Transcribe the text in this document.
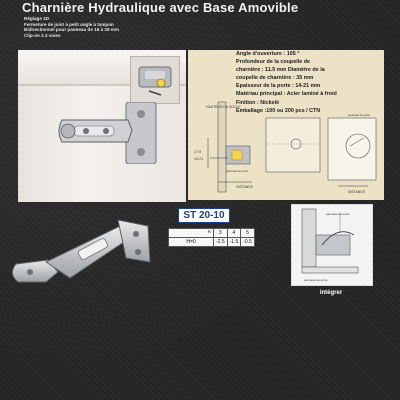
Charnière Hydraulique avec Base Amovible
Réglage 3D
Fermeture de joint à petit angle à tampon
Bidirectionnel pour panneau de 16 à 28 mm
Clip-on à 3 voies
Angle d'ouverture : 105 °
Profondeur de la coupelle de
charnière : 11.5 mm Diamètre de la
coupelle de charnière : 35 mm
Epaisseur de la porte : 14-21 mm
Matériau principal : Acier laminé à froid
Finition : Nickelé
Emballage :100 ou 200 pcs / CTN
HAUTEUR DU SOCLE
17.9
14-21
DISTANCE
panneau de porte
panneau de porte
DISTANCE
ST 20-10
K	3	4	5
H=0	-2.5	-1.5	-0.5
panneau de porte
panneau de porte
intégrer
